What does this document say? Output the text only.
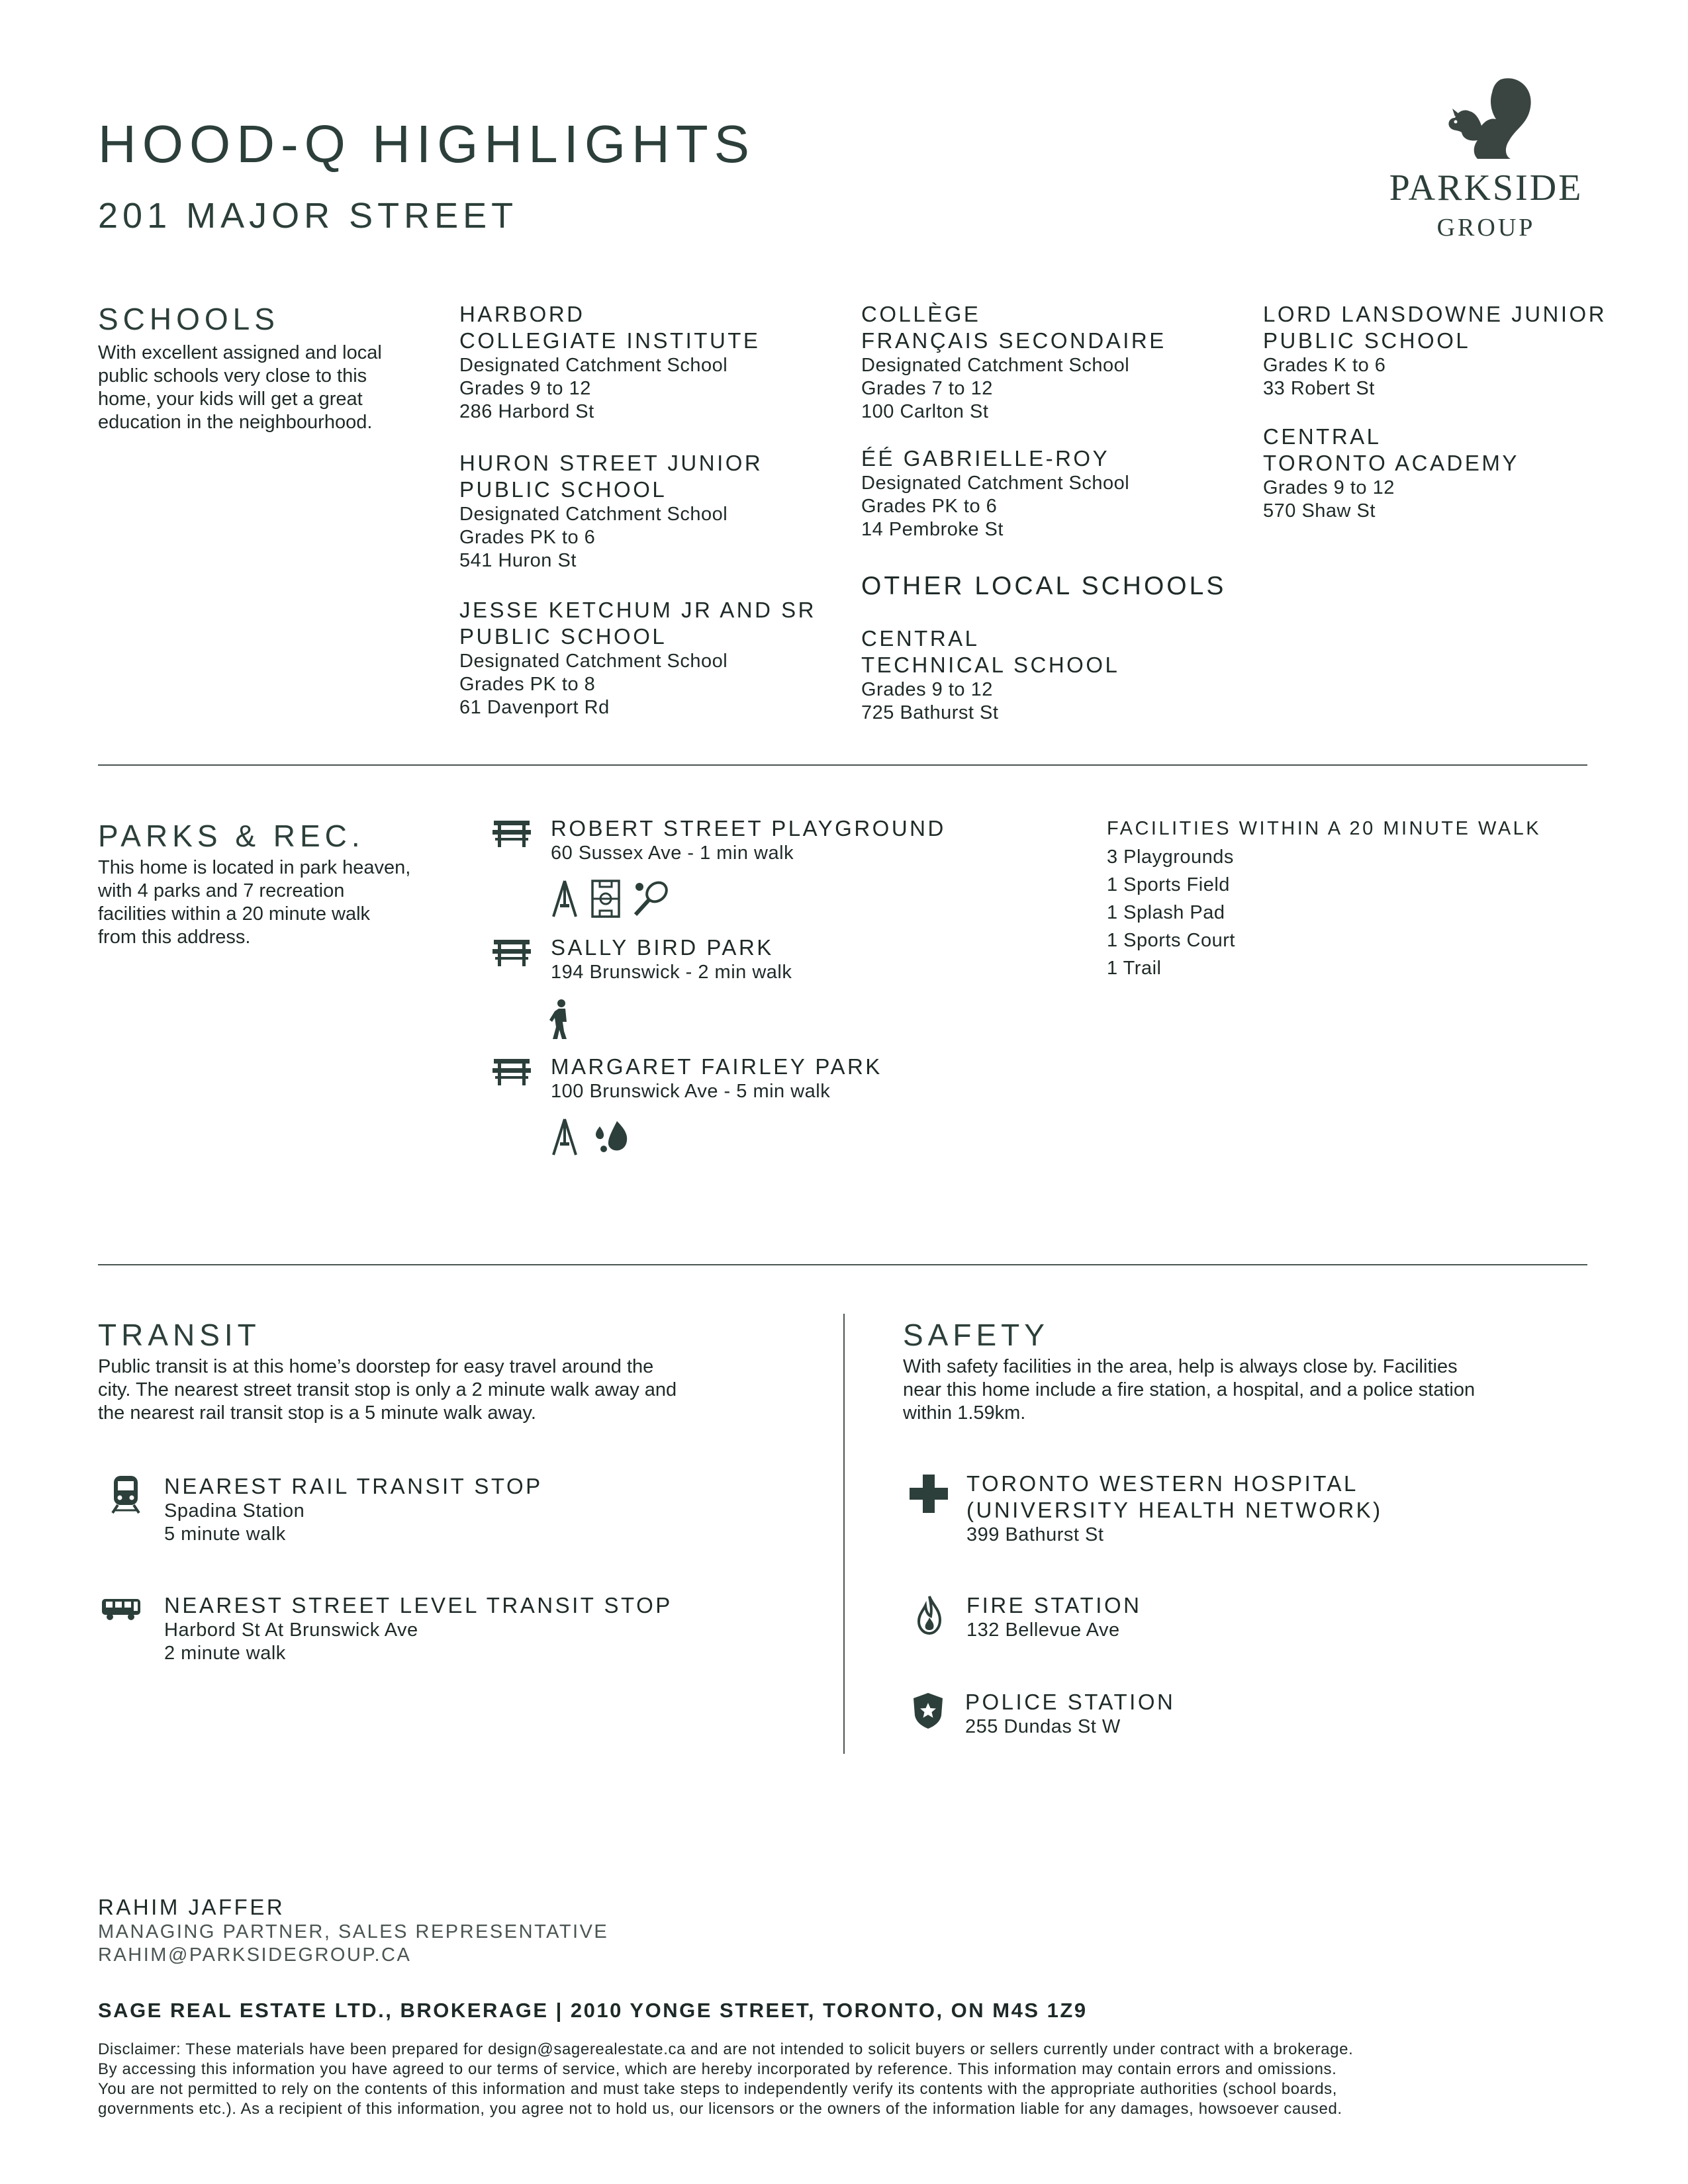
HOOD-Q HIGHLIGHTS
201 MAJOR STREET
PARKSIDE
GROUP
SCHOOLS
With excellent assigned and local
public schools very close to this
home, your kids will get a great
education in the neighbourhood.
HARBORD
COLLEGIATE INSTITUTE
Designated Catchment School
Grades 9 to 12
286 Harbord St
HURON STREET JUNIOR
PUBLIC SCHOOL
Designated Catchment School
Grades PK to 6
541 Huron St
JESSE KETCHUM JR AND SR
PUBLIC SCHOOL
Designated Catchment School
Grades PK to 8
61 Davenport Rd
COLLÈGE
FRANÇAIS SECONDAIRE
Designated Catchment School
Grades 7 to 12
100 Carlton St
ÉÉ GABRIELLE-ROY
Designated Catchment School
Grades PK to 6
14 Pembroke St
OTHER LOCAL SCHOOLS
CENTRAL
TECHNICAL SCHOOL
Grades 9 to 12
725 Bathurst St
LORD LANSDOWNE JUNIOR
PUBLIC SCHOOL
Grades K to 6
33 Robert St
CENTRAL
TORONTO ACADEMY
Grades 9 to 12
570 Shaw St
PARKS & REC.
This home is located in park heaven,
with 4 parks and 7 recreation
facilities within a 20 minute walk
from this address.
ROBERT STREET PLAYGROUND
60 Sussex Ave - 1 min walk
SALLY BIRD PARK
194 Brunswick - 2 min walk
MARGARET FAIRLEY PARK
100 Brunswick Ave - 5 min walk
FACILITIES WITHIN A 20 MINUTE WALK
3 Playgrounds
1 Sports Field
1 Splash Pad
1 Sports Court
1 Trail
TRANSIT
Public transit is at this home’s doorstep for easy travel around the
city. The nearest street transit stop is only a 2 minute walk away and
the nearest rail transit stop is a 5 minute walk away.
NEAREST RAIL TRANSIT STOP
Spadina Station
5 minute walk
NEAREST STREET LEVEL TRANSIT STOP
Harbord St At Brunswick Ave
2 minute walk
SAFETY
With safety facilities in the area, help is always close by. Facilities
near this home include a fire station, a hospital, and a police station
within 1.59km.
TORONTO WESTERN HOSPITAL
(UNIVERSITY HEALTH NETWORK)
399 Bathurst St
FIRE STATION
132 Bellevue Ave
POLICE STATION
255 Dundas St W
RAHIM JAFFER
MANAGING PARTNER, SALES REPRESENTATIVE
RAHIM@PARKSIDEGROUP.CA
SAGE REAL ESTATE LTD., BROKERAGE | 2010 YONGE STREET, TORONTO, ON M4S 1Z9
Disclaimer: These materials have been prepared for design@sagerealestate.ca and are not intended to solicit buyers or sellers currently under contract with a brokerage.
By accessing this information you have agreed to our terms of service, which are hereby incorporated by reference. This information may contain errors and omissions.
You are not permitted to rely on the contents of this information and must take steps to independently verify its contents with the appropriate authorities (school boards,
governments etc.). As a recipient of this information, you agree not to hold us, our licensors or the owners of the information liable for any damages, howsoever caused.
